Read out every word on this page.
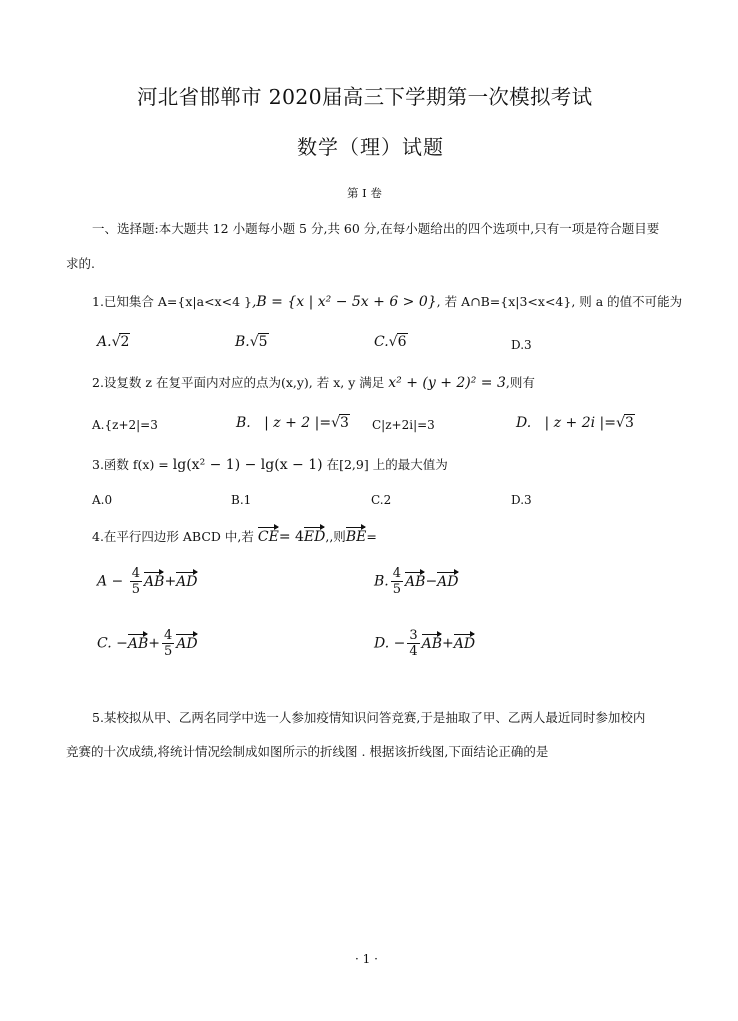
河北省邯郸市 2020届高三下学期第一次模拟考试
数学（理）试题
第 I 卷
一、选择题:本大题共 12 小题每小题 5 分,共 60 分,在每小题给出的四个选项中,只有一项是符合题目要
求的.
1.已知集合 A={x|a<x<4 },B = {x | x² − 5x + 6 > 0}, 若 A∩B={x|3<x<4}, 则 a 的值不可能为
A.√2	B.√5	C.√6	D.3
2.设复数 z 在复平面内对应的点为(x,y), 若 x, y 满足 x² + (y + 2)² = 3,则有
A.{z+2|=3	B. | z + 2 |=√3 C|z+2i|=3	D. | z + 2i |=√3
3.函数 f(x) = lg(x² − 1) − lg(x − 1) 在[2,9] 上的最大值为
A.0	B.1	C.2	D.3
4.在平行四边形 ABCD 中,若 CE= 4ED,,则BE=
$A - \frac{4}{5} AB+AD$	B. $\frac{4}{5} AB-AD$
C. $-AB+ \frac{4}{5}$ AD	D. − $\frac{3}{4} AB+AD$
5.某校拟从甲、乙两名同学中选一人参加疫情知识问答竞赛,于是抽取了甲、乙两人最近同时参加校内
竞赛的十次成绩,将统计情况绘制成如图所示的折线图 . 根据该折线图,下面结论正确的是
· 1 ·
